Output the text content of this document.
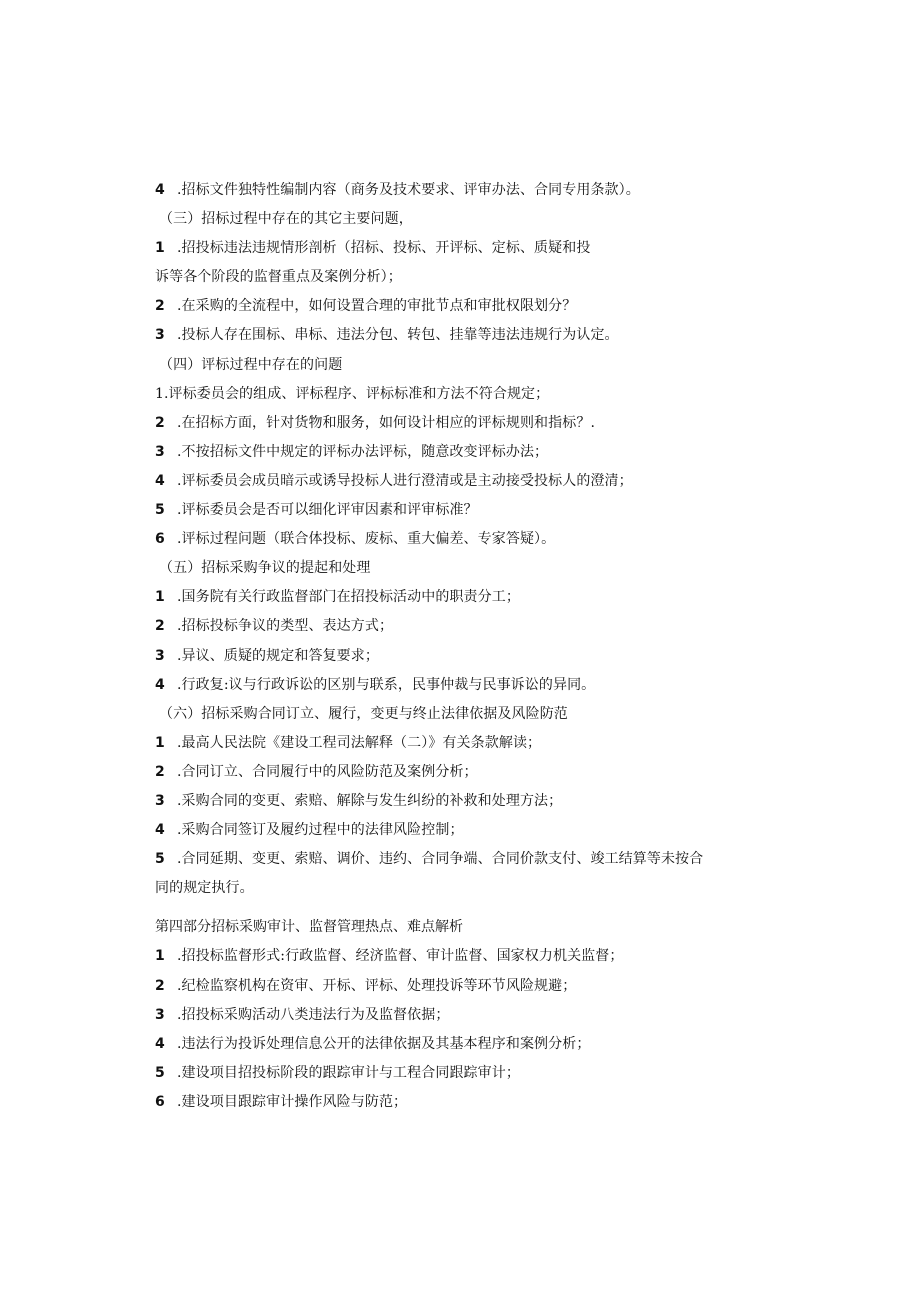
4 .招标文件独特性编制内容（商务及技术要求、评审办法、合同专用条款）。
（三）招标过程中存在的其它主要问题，
1 .招投标违法违规情形剖析（招标、投标、开评标、定标、质疑和投
诉等各个阶段的监督重点及案例分析）；
2 .在采购的全流程中，如何设置合理的审批节点和审批权限划分？
3 .投标人存在围标、串标、违法分包、转包、挂靠等违法违规行为认定。
（四）评标过程中存在的问题
1.评标委员会的组成、评标程序、评标标准和方法不符合规定；
2 .在招标方面，针对货物和服务，如何设计相应的评标规则和指标？.
3 .不按招标文件中规定的评标办法评标，随意改变评标办法；
4 .评标委员会成员暗示或诱导投标人进行澄清或是主动接受投标人的澄清；
5 .评标委员会是否可以细化评审因素和评审标准？
6 .评标过程问题（联合体投标、废标、重大偏差、专家答疑）。
（五）招标采购争议的提起和处理
1 .国务院有关行政监督部门在招投标活动中的职责分工；
2 .招标投标争议的类型、表达方式；
3 .异议、质疑的规定和答复要求；
4 .行政复:议与行政诉讼的区别与联系，民事仲裁与民事诉讼的异同。
（六）招标采购合同订立、履行，变更与终止法律依据及风险防范
1 .最高人民法院《建设工程司法解释（二）》有关条款解读；
2 .合同订立、合同履行中的风险防范及案例分析；
3 .采购合同的变更、索赔、解除与发生纠纷的补救和处理方法；
4 .采购合同签订及履约过程中的法律风险控制；
5 .合同延期、变更、索赔、调价、违约、合同争端、合同价款支付、竣工结算等未按合
同的规定执行。
第四部分招标采购审计、监督管理热点、难点解析
1 .招投标监督形式:行政监督、经济监督、审计监督、国家权力机关监督；
2 .纪检监察机构在资审、开标、评标、处理投诉等环节风险规避；
3 .招投标采购活动八类违法行为及监督依据；
4 .违法行为投诉处理信息公开的法律依据及其基本程序和案例分析；
5 .建设项目招投标阶段的跟踪审计与工程合同跟踪审计；
6 .建设项目跟踪审计操作风险与防范；
